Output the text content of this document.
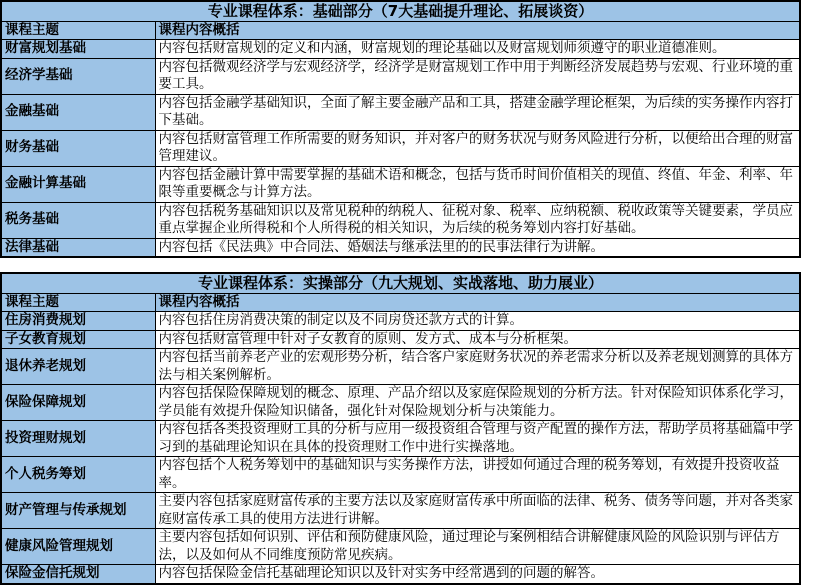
专业课程体系：基础部分（7大基础提升理论、拓展谈资）	
课程主题	课程内容概括
财富规划基础	内容包括财富规划的定义和内涵，财富规划的理论基础以及财富规划师须遵守的职业道德准则。
经济学基础	内容包括微观经济学与宏观经济学，经济学是财富规划工作中用于判断经济发展趋势与宏观、行业环境的重要工具。
金融基础	内容包括金融学基础知识，全面了解主要金融产品和工具，搭建金融学理论框架，为后续的实务操作内容打下基础。
财务基础	内容包括财富管理工作所需要的财务知识，并对客户的财务状况与财务风险进行分析，以便给出合理的财富管理建议。
金融计算基础	内容包括金融计算中需要掌握的基础术语和概念，包括与货币时间价值相关的现值、终值、年金、利率、年限等重要概念与计算方法。
税务基础	内容包括税务基础知识以及常见税种的纳税人、征税对象、税率、应纳税额、税收政策等关键要素，学员应重点掌握企业所得税和个人所得税的相关知识，为后续的税务筹划内容打好基础。
法律基础	内容包括《民法典》中合同法、婚姻法与继承法里的的民事法律行为讲解。
专业课程体系：实操部分（九大规划、实战落地、助力展业）	
课程主题	课程内容概括
住房消费规划	内容包括住房消费决策的制定以及不同房贷还款方式的计算。
子女教育规划	内容包括财富管理中针对子女教育的原则、发方式、成本与分析框架。
退休养老规划	内容包括当前养老产业的宏观形势分析，结合客户家庭财务状况的养老需求分析以及养老规划测算的具体方法与相关案例解析。
保险保障规划	内容包括保险保障规划的概念、原理、产品介绍以及家庭保险规划的分析方法。针对保险知识体系化学习，学员能有效提升保险知识储备，强化针对保险规划分析与决策能力。
投资理财规划	内容包括各类投资理财工具的分析与应用一级投资组合管理与资产配置的操作方法，帮助学员将基础篇中学习到的基础理论知识在具体的投资理财工作中进行实操落地。
个人税务筹划	内容包括个人税务筹划中的基础知识与实务操作方法，讲授如何通过合理的税务筹划，有效提升投资收益率。
财产管理与传承规划	主要内容包括家庭财富传承的主要方法以及家庭财富传承中所面临的法律、税务、债务等问题，并对各类家庭财富传承工具的使用方法进行讲解。
健康风险管理规划	主要内容包括如何识别、评估和预防健康风险，通过理论与案例相结合讲解健康风险的风险识别与评估方法，以及如何从不同维度预防常见疾病。
保险金信托规划	内容包括保险金信托基础理论知识以及针对实务中经常遇到的问题的解答。
